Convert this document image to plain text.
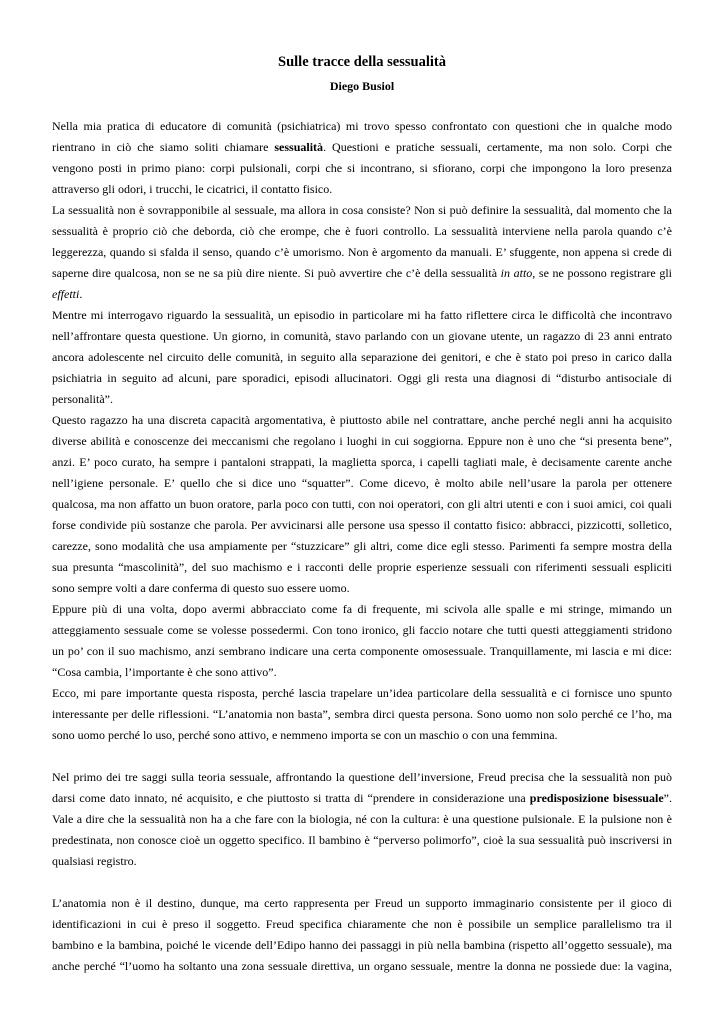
Sulle tracce della sessualità
Diego Busiol
Nella mia pratica di educatore di comunità (psichiatrica) mi trovo spesso confrontato con questioni che in qualche modo
rientrano in ciò che siamo soliti chiamare sessualità. Questioni e pratiche sessuali, certamente, ma non solo. Corpi che
vengono posti in primo piano: corpi pulsionali, corpi che si incontrano, si sfiorano, corpi che impongono la loro presenza
attraverso gli odori, i trucchi, le cicatrici, il contatto fisico.
La sessualità non è sovrapponibile al sessuale, ma allora in cosa consiste? Non si può definire la sessualità, dal momento che la
sessualità è proprio ciò che deborda, ciò che erompe, che è fuori controllo. La sessualità interviene nella parola quando c’è
leggerezza, quando si sfalda il senso, quando c’è umorismo. Non è argomento da manuali. E’ sfuggente, non appena si crede di
saperne dire qualcosa, non se ne sa più dire niente. Si può avvertire che c’è della sessualità in atto, se ne possono registrare gli
effetti.
Mentre mi interrogavo riguardo la sessualità, un episodio in particolare mi ha fatto riflettere circa le difficoltà che incontravo
nell’affrontare questa questione. Un giorno, in comunità, stavo parlando con un giovane utente, un ragazzo di 23 anni entrato
ancora adolescente nel circuito delle comunità, in seguito alla separazione dei genitori, e che è stato poi preso in carico dalla
psichiatria in seguito ad alcuni, pare sporadici, episodi allucinatori. Oggi gli resta una diagnosi di “disturbo antisociale di
personalità”.
Questo ragazzo ha una discreta capacità argomentativa, è piuttosto abile nel contrattare, anche perché negli anni ha acquisito
diverse abilità e conoscenze dei meccanismi che regolano i luoghi in cui soggiorna. Eppure non è uno che “si presenta bene”,
anzi. E’ poco curato, ha sempre i pantaloni strappati, la maglietta sporca, i capelli tagliati male, è decisamente carente anche
nell’igiene personale. E’ quello che si dice uno “squatter”. Come dicevo, è molto abile nell’usare la parola per ottenere
qualcosa, ma non affatto un buon oratore, parla poco con tutti, con noi operatori, con gli altri utenti e con i suoi amici, coi quali
forse condivide più sostanze che parola. Per avvicinarsi alle persone usa spesso il contatto fisico: abbracci, pizzicotti, solletico,
carezze, sono modalità che usa ampiamente per “stuzzicare” gli altri, come dice egli stesso. Parimenti fa sempre mostra della
sua presunta “mascolinità”, del suo machismo e i racconti delle proprie esperienze sessuali con riferimenti sessuali espliciti
sono sempre volti a dare conferma di questo suo essere uomo.
Eppure più di una volta, dopo avermi abbracciato come fa di frequente, mi scivola alle spalle e mi stringe, mimando un
atteggiamento sessuale come se volesse possedermi. Con tono ironico, gli faccio notare che tutti questi atteggiamenti stridono
un po’ con il suo machismo, anzi sembrano indicare una certa componente omosessuale. Tranquillamente, mi lascia e mi dice:
“Cosa cambia, l’importante è che sono attivo”.
Ecco, mi pare importante questa risposta, perché lascia trapelare un’idea particolare della sessualità e ci fornisce uno spunto
interessante per delle riflessioni. “L’anatomia non basta”, sembra dirci questa persona. Sono uomo non solo perché ce l’ho, ma
sono uomo perché lo uso, perché sono attivo, e nemmeno importa se con un maschio o con una femmina.
Nel primo dei tre saggi sulla teoria sessuale, affrontando la questione dell’inversione, Freud precisa che la sessualità non può
darsi come dato innato, né acquisito, e che piuttosto si tratta di “prendere in considerazione una predisposizione bisessuale”.
Vale a dire che la sessualità non ha a che fare con la biologia, né con la cultura: è una questione pulsionale. E la pulsione non è
predestinata, non conosce cioè un oggetto specifico. Il bambino è “perverso polimorfo”, cioè la sua sessualità può inscriversi in
qualsiasi registro.
L’anatomia non è il destino, dunque, ma certo rappresenta per Freud un supporto immaginario consistente per il gioco di
identificazioni in cui è preso il soggetto. Freud specifica chiaramente che non è possibile un semplice parallelismo tra il
bambino e la bambina, poiché le vicende dell’Edipo hanno dei passaggi in più nella bambina (rispetto all’oggetto sessuale), ma
anche perché “l’uomo ha soltanto una zona sessuale direttiva, un organo sessuale, mentre la donna ne possiede due: la vagina,
